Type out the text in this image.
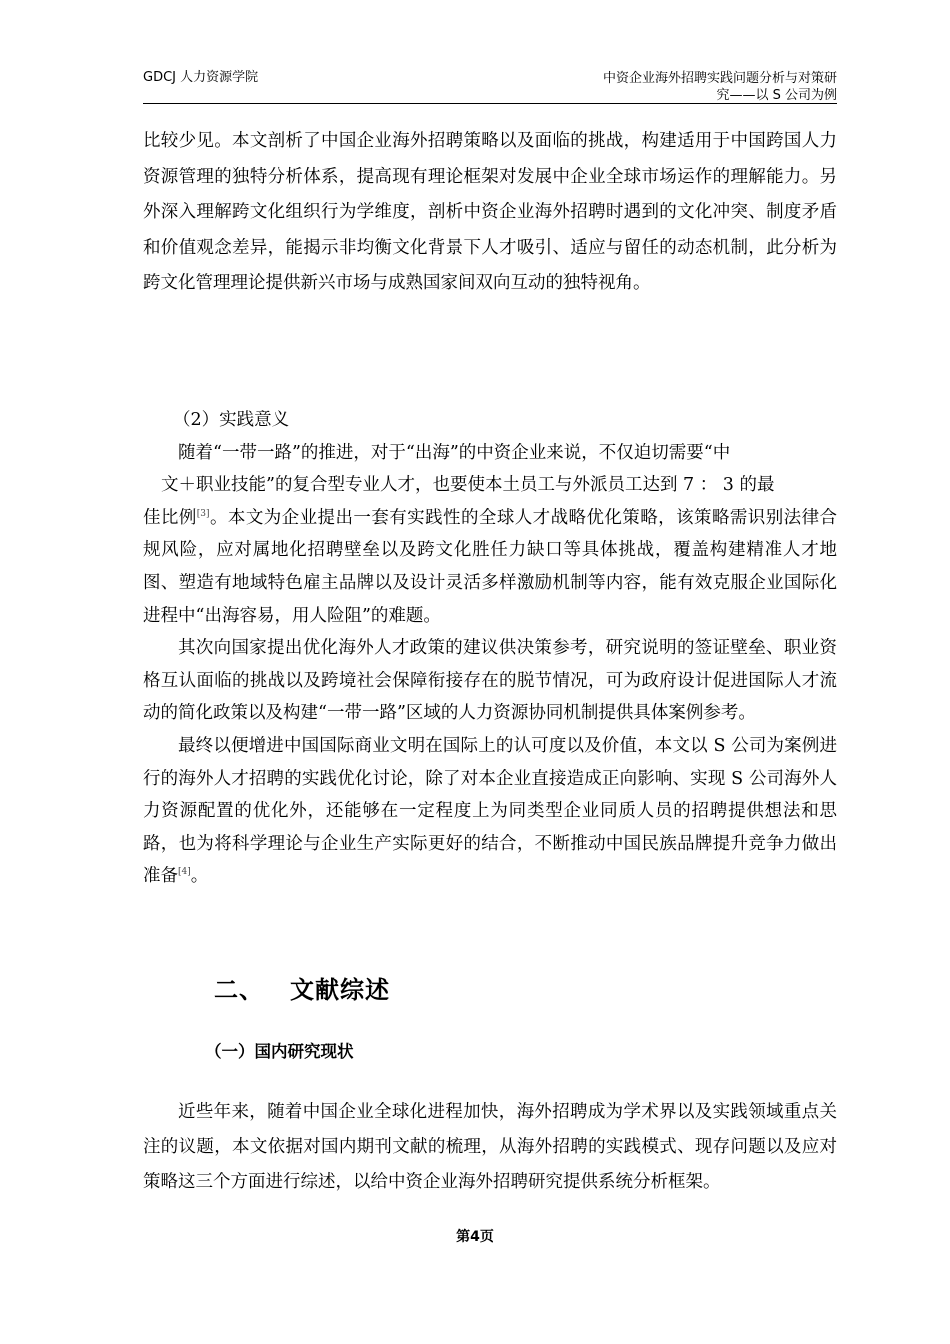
GDCJ 人力资源学院	中资企业海外招聘实践问题分析与对策研
究——以 S 公司为例
比较少见。本文剖析了中国企业海外招聘策略以及面临的挑战，构建适用于中国跨国人力资源管理的独特分析体系，提高现有理论框架对发展中企业全球市场运作的理解能力。另外深入理解跨文化组织行为学维度，剖析中资企业海外招聘时遇到的文化冲突、制度矛盾和价值观念差异，能揭示非均衡文化背景下人才吸引、适应与留任的动态机制，此分析为跨文化管理理论提供新兴市场与成熟国家间双向互动的独特视角。

（2）实践意义

随着“一带一路”的推进，对于“出海”的中资企业来说，不仅迫切需要“中

文＋职业技能”的复合型专业人才，也要使本土员工与外派员工达到 7 ： 3 的最

佳比例[3]。本文为企业提出一套有实践性的全球人才战略优化策略，该策略需识别法律合规风险，应对属地化招聘壁垒以及跨文化胜任力缺口等具体挑战，覆盖构建精准人才地图、塑造有地域特色雇主品牌以及设计灵活多样激励机制等内容，能有效克服企业国际化进程中“出海容易，用人险阻”的难题。

其次向国家提出优化海外人才政策的建议供决策参考，研究说明的签证壁垒、职业资格互认面临的挑战以及跨境社会保障衔接存在的脱节情况，可为政府设计促进国际人才流动的简化政策以及构建“一带一路”区域的人力资源协同机制提供具体案例参考。

最终以便增进中国国际商业文明在国际上的认可度以及价值，本文以 S 公司为案例进行的海外人才招聘的实践优化讨论，除了对本企业直接造成正向影响、实现 S 公司海外人力资源配置的优化外，还能够在一定程度上为同类型企业同质人员的招聘提供想法和思路，也为将科学理论与企业生产实际更好的结合，不断推动中国民族品牌提升竞争力做出准备[4]。

二、 文献综述
（一）国内研究现状
近些年来，随着中国企业全球化进程加快，海外招聘成为学术界以及实践领域重点关注的议题，本文依据对国内期刊文献的梳理，从海外招聘的实践模式、现存问题以及应对策略这三个方面进行综述，以给中资企业海外招聘研究提供系统分析框架。
第4页
